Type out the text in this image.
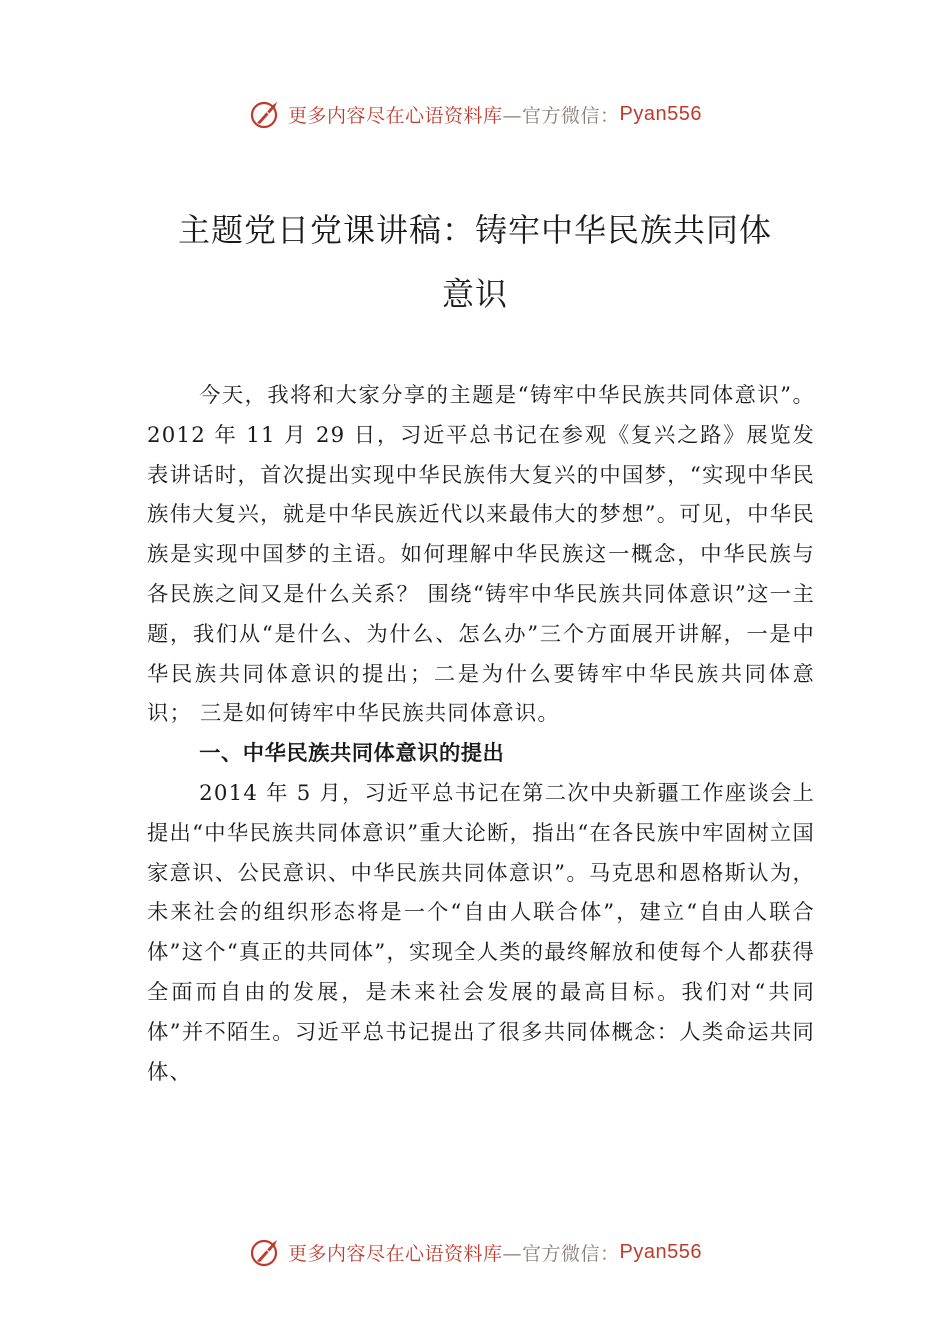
更多内容尽在心语资料库 —官方微信： Pyan556
主题党日党课讲稿：铸牢中华民族共同体
意识

今天，我将和大家分享的主题是“铸牢中华民族共同体意识”。2012 年 11 月 29 日，习近平总书记在参观《复兴之路》展览发表讲话时，首次提出实现中华民族伟大复兴的中国梦，“实现中华民族伟大复兴，就是中华民族近代以来最伟大的梦想”。可见，中华民族是实现中国梦的主语。如何理解中华民族这一概念，中华民族与各民族之间又是什么关系？ 围绕“铸牢中华民族共同体意识”这一主题，我们从“是什么、为什么、怎么办”三个方面展开讲解，一是中华民族共同体意识的提出；二是为什么要铸牢中华民族共同体意识； 三是如何铸牢中华民族共同体意识。

一、中华民族共同体意识的提出

2014 年 5 月，习近平总书记在第二次中央新疆工作座谈会上提出“中华民族共同体意识”重大论断，指出“在各民族中牢固树立国家意识、公民意识、中华民族共同体意识”。马克思和恩格斯认为，未来社会的组织形态将是一个“自由人联合体”，建立“自由人联合体”这个“真正的共同体”，实现全人类的最终解放和使每个人都获得全面而自由的发展，是未来社会发展的最高目标。我们对“共同体”并不陌生。习近平总书记提出了很多共同体概念：人类命运共同体、

更多内容尽在心语资料库 —官方微信： Pyan556
